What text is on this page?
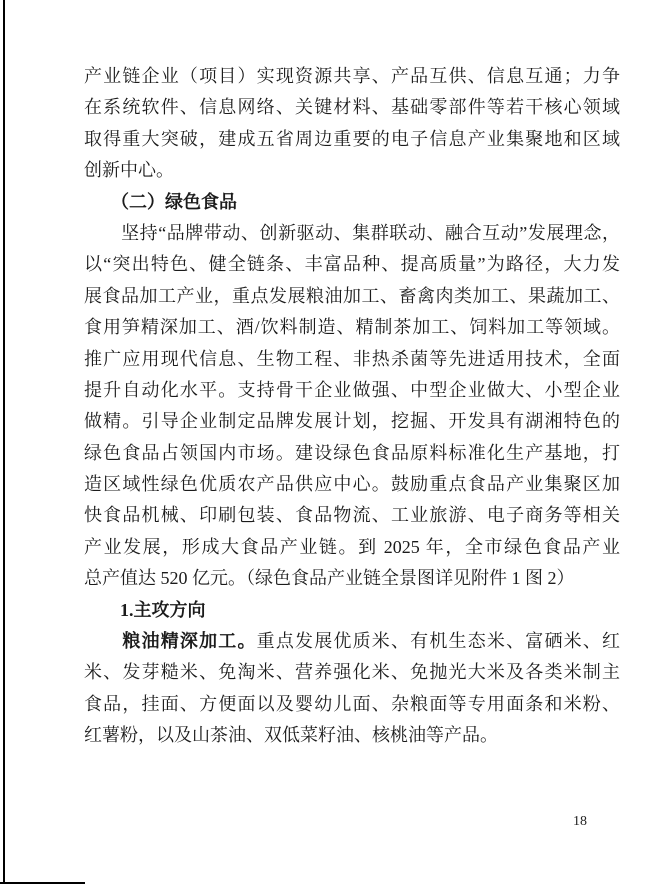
产业链企业（项目）实现资源共享、产品互供、信息互通；力争
在系统软件、信息网络、关键材料、基础零部件等若干核心领域
取得重大突破，建成五省周边重要的电子信息产业集聚地和区域
创新中心。
　　（二）绿色食品
　　坚持“品牌带动、创新驱动、集群联动、融合互动”发展理念，
以“突出特色、健全链条、丰富品种、提高质量”为路径，大力发
展食品加工产业，重点发展粮油加工、畜禽肉类加工、果蔬加工、
食用笋精深加工、酒/饮料制造、精制茶加工、饲料加工等领域。
推广应用现代信息、生物工程、非热杀菌等先进适用技术，全面
提升自动化水平。支持骨干企业做强、中型企业做大、小型企业
做精。引导企业制定品牌发展计划，挖掘、开发具有湖湘特色的
绿色食品占领国内市场。建设绿色食品原料标准化生产基地，打
造区域性绿色优质农产品供应中心。鼓励重点食品产业集聚区加
快食品机械、印刷包装、食品物流、工业旅游、电子商务等相关
产业发展，形成大食品产业链。到 2025 年，全市绿色食品产业
总产值达 520 亿元。（绿色食品产业链全景图详见附件 1 图 2）
　　1.主攻方向
　　粮油精深加工。重点发展优质米、有机生态米、富硒米、红
米、发芽糙米、免淘米、营养强化米、免抛光大米及各类米制主
食品，挂面、方便面以及婴幼儿面、杂粮面等专用面条和米粉、
红薯粉，以及山茶油、双低菜籽油、核桃油等产品。
18
